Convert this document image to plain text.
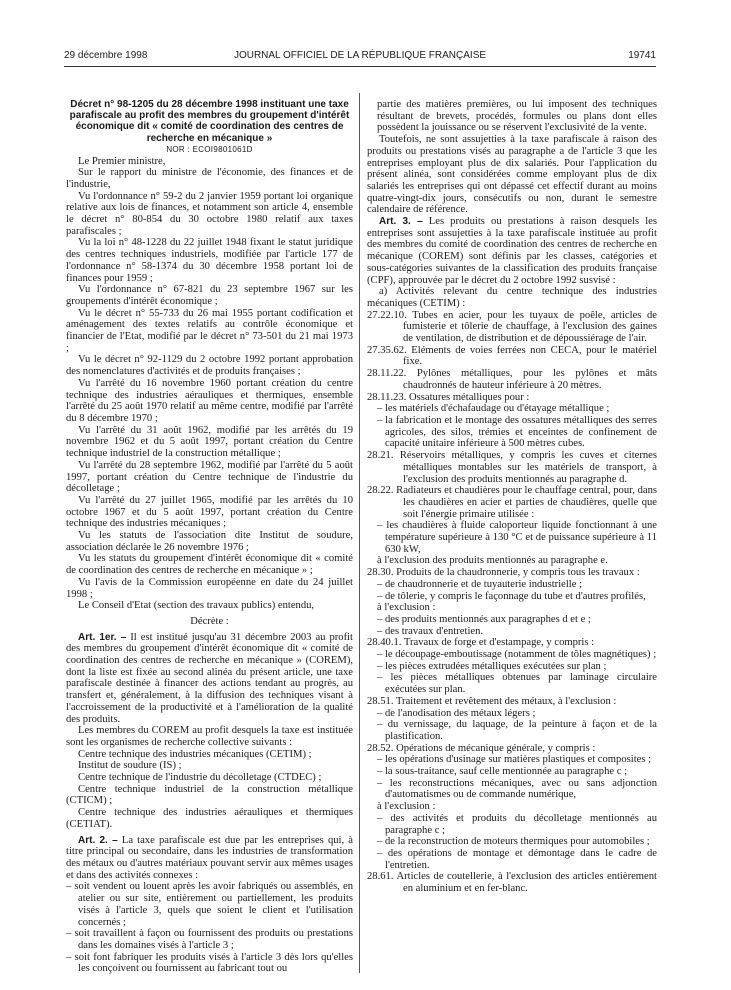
29 décembre 1998	JOURNAL OFFICIEL DE LA RÉPUBLIQUE FRANÇAISE	19741

Décret n° 98-1205 du 28 décembre 1998 instituant une taxe parafiscale au profit des membres du groupement d'intérêt économique dit « comité de coordination des centres de recherche en mécanique »

NOR : ECOI9801061D

Le Premier ministre,

Sur le rapport du ministre de l'économie, des finances et de l'industrie,

Vu l'ordonnance n° 59-2 du 2 janvier 1959 portant loi organique relative aux lois de finances, et notamment son article 4, ensemble le décret n° 80-854 du 30 octobre 1980 relatif aux taxes parafiscales ;

Vu la loi n° 48-1228 du 22 juillet 1948 fixant le statut juridique des centres techniques industriels, modifiée par l'article 177 de l'ordonnance n° 58-1374 du 30 décembre 1958 portant loi de finances pour 1959 ;

Vu l'ordonnance n° 67-821 du 23 septembre 1967 sur les groupements d'intérêt économique ;

Vu le décret n° 55-733 du 26 mai 1955 portant codification et aménagement des textes relatifs au contrôle économique et financier de l'Etat, modifié par le décret n° 73-501 du 21 mai 1973 ;

Vu le décret n° 92-1129 du 2 octobre 1992 portant approbation des nomenclatures d'activités et de produits françaises ;

Vu l'arrêté du 16 novembre 1960 portant création du centre technique des industries aérauliques et thermiques, ensemble l'arrêté du 25 août 1970 relatif au même centre, modifié par l'arrêté du 8 décembre 1970 ;

Vu l'arrêté du 31 août 1962, modifié par les arrêtés du 19 novembre 1962 et du 5 août 1997, portant création du Centre technique industriel de la construction métallique ;

Vu l'arrêté du 28 septembre 1962, modifié par l'arrêté du 5 août 1997, portant création du Centre technique de l'industrie du décolletage ;

Vu l'arrêté du 27 juillet 1965, modifié par les arrêtés du 10 octobre 1967 et du 5 août 1997, portant création du Centre technique des industries mécaniques ;

Vu les statuts de l'association dite Institut de soudure, association déclarée le 26 novembre 1976 ;

Vu les statuts du groupement d'intérêt économique dit « comité de coordination des centres de recherche en mécanique » ;

Vu l'avis de la Commission européenne en date du 24 juillet 1998 ;

Le Conseil d'Etat (section des travaux publics) entendu,

Décrète :

Art. 1er. – Il est institué jusqu'au 31 décembre 2003 au profit des membres du groupement d'intérêt économique dit « comité de coordination des centres de recherche en mécanique » (COREM), dont la liste est fixée au second alinéa du présent article, une taxe parafiscale destinée à financer des actions tendant au progrès, au transfert et, généralement, à la diffusion des techniques visant à l'accroissement de la productivité et à l'amélioration de la qualité des produits.

Les membres du COREM au profit desquels la taxe est instituée sont les organismes de recherche collective suivants :

Centre technique des industries mécaniques (CETIM) ;

Institut de soudure (IS) ;

Centre technique de l'industrie du décolletage (CTDEC) ;

Centre technique industriel de la construction métallique (CTICM) ;

Centre technique des industries aérauliques et thermiques (CETIAT).

Art. 2. – La taxe parafiscale est due par les entreprises qui, à titre principal ou secondaire, dans les industries de transformation des métaux ou d'autres matériaux pouvant servir aux mêmes usages et dans des activités connexes :

– soit vendent ou louent après les avoir fabriqués ou assemblés, en atelier ou sur site, entièrement ou partiellement, les produits visés à l'article 3, quels que soient le client et l'utilisation concernés ;

– soit travaillent à façon ou fournissent des produits ou prestations dans les domaines visés à l'article 3 ;

– soit font fabriquer les produits visés à l'article 3 dès lors qu'elles les conçoivent ou fournissent au fabricant tout ou

partie des matières premières, ou lui imposent des techniques résultant de brevets, procédés, formules ou plans dont elles possèdent la jouissance ou se réservent l'exclusivité de la vente.

Toutefois, ne sont assujetties à la taxe parafiscale à raison des produits ou prestations visés au paragraphe a de l'article 3 que les entreprises employant plus de dix salariés. Pour l'application du présent alinéa, sont considérées comme employant plus de dix salariés les entreprises qui ont dépassé cet effectif durant au moins quatre-vingt-dix jours, consécutifs ou non, durant le semestre calendaire de référence.

Art. 3. – Les produits ou prestations à raison desquels les entreprises sont assujetties à la taxe parafiscale instituée au profit des membres du comité de coordination des centres de recherche en mécanique (COREM) sont définis par les classes, catégories et sous-catégories suivantes de la classification des produits française (CPF), approuvée par le décret du 2 octobre 1992 susvisé :

a) Activités relevant du centre technique des industries mécaniques (CETIM) :

27.22.10. Tubes en acier, pour les tuyaux de poêle, articles de fumisterie et tôlerie de chauffage, à l'exclusion des gaines de ventilation, de distribution et de dépoussiérage de l'air.

27.35.62. Eléments de voies ferrées non CECA, pour le matériel fixe.

28.11.22. Pylônes métalliques, pour les pylônes et mâts chaudronnés de hauteur inférieure à 20 mètres.

28.11.23. Ossatures métalliques pour :

– les matériels d'échafaudage ou d'étayage métallique ;

– la fabrication et le montage des ossatures métalliques des serres agricoles, des silos, trémies et enceintes de confinement de capacité unitaire inférieure à 500 mètres cubes.

28.21. Réservoirs métalliques, y compris les cuves et citernes métalliques montables sur les matériels de transport, à l'exclusion des produits mentionnés au paragraphe d.

28.22. Radiateurs et chaudières pour le chauffage central, pour, dans les chaudières en acier et parties de chaudières, quelle que soit l'énergie primaire utilisée :

– les chaudières à fluide caloporteur liquide fonctionnant à une température supérieure à 130 °C et de puissance supérieure à 11 630 kW,

à l'exclusion des produits mentionnés au paragraphe e.

28.30. Produits de la chaudronnerie, y compris tous les travaux :

– de chaudronnerie et de tuyauterie industrielle ;

– de tôlerie, y compris le façonnage du tube et d'autres profilés,

à l'exclusion :

– des produits mentionnés aux paragraphes d et e ;

– des travaux d'entretien.

28.40.1. Travaux de forge et d'estampage, y compris :

– le découpage-emboutissage (notamment de tôles magnétiques) ;

– les pièces extrudées métalliques exécutées sur plan ;

– les pièces métalliques obtenues par laminage circulaire exécutées sur plan.

28.51. Traitement et revêtement des métaux, à l'exclusion :

– de l'anodisation des métaux légers ;

– du vernissage, du laquage, de la peinture à façon et de la plastification.

28.52. Opérations de mécanique générale, y compris :

– les opérations d'usinage sur matières plastiques et composites ;

– la sous-traitance, sauf celle mentionnée au paragraphe c ;

– les reconstructions mécaniques, avec ou sans adjonction d'automatismes ou de commande numérique,

à l'exclusion :

– des activités et produits du décolletage mentionnés au paragraphe c ;

– de la reconstruction de moteurs thermiques pour automobiles ;

– des opérations de montage et démontage dans le cadre de l'entretien.

28.61. Articles de coutellerie, à l'exclusion des articles entièrement en aluminium et en fer-blanc.
